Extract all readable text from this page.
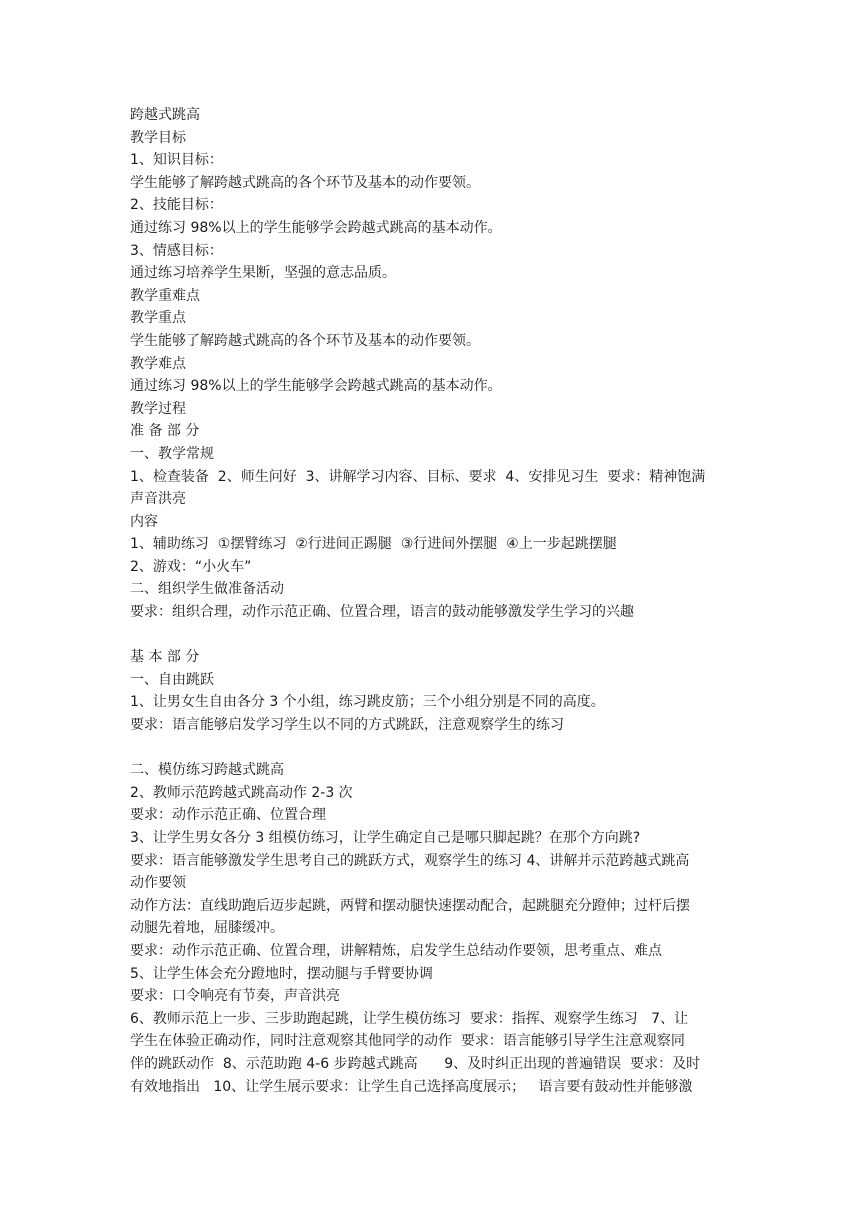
跨越式跳高
教学目标
1、知识目标：
学生能够了解跨越式跳高的各个环节及基本的动作要领。
2、技能目标：
通过练习 98%以上的学生能够学会跨越式跳高的基本动作。
3、情感目标：
通过练习培养学生果断，坚强的意志品质。
教学重难点
教学重点
学生能够了解跨越式跳高的各个环节及基本的动作要领。
教学难点
通过练习 98%以上的学生能够学会跨越式跳高的基本动作。
教学过程
准 备 部 分
一、教学常规
1、检查装备  2、师生问好  3、讲解学习内容、目标、要求  4、安排见习生  要求：精神饱满
声音洪亮
内容
1、辅助练习  ①摆臂练习  ②行进间正踢腿  ③行进间外摆腿  ④上一步起跳摆腿
2、游戏：“小火车”
二、组织学生做准备活动
要求：组织合理，动作示范正确、位置合理，语言的鼓动能够激发学生学习的兴趣
基 本 部 分
一、自由跳跃
1、让男女生自由各分 3 个小组，练习跳皮筋；三个小组分别是不同的高度。
要求：语言能够启发学习学生以不同的方式跳跃，注意观察学生的练习
二、模仿练习跨越式跳高
2、教师示范跨越式跳高动作 2-3 次
要求：动作示范正确、位置合理
3、让学生男女各分 3 组模仿练习，让学生确定自己是哪只脚起跳？在那个方向跳?
要求：语言能够激发学生思考自己的跳跃方式，观察学生的练习 4、讲解并示范跨越式跳高
动作要领
动作方法：直线助跑后迈步起跳，两臂和摆动腿快速摆动配合，起跳腿充分蹬伸；过杆后摆
动腿先着地，屈膝缓冲。
要求：动作示范正确、位置合理，讲解精炼，启发学生总结动作要领，思考重点、难点
5、让学生体会充分蹬地时，摆动腿与手臂要协调
要求：口令响亮有节奏，声音洪亮
6、教师示范上一步、三步助跑起跳，让学生模仿练习  要求：指挥、观察学生练习   7、让
学生在体验正确动作，同时注意观察其他同学的动作  要求：语言能够引导学生注意观察同
伴的跳跃动作  8、示范助跑 4-6 步跨越式跳高      9、及时纠正出现的普遍错误  要求：及时
有效地指出   10、让学生展示要求：让学生自己选择高度展示；   语言要有鼓动性并能够激
